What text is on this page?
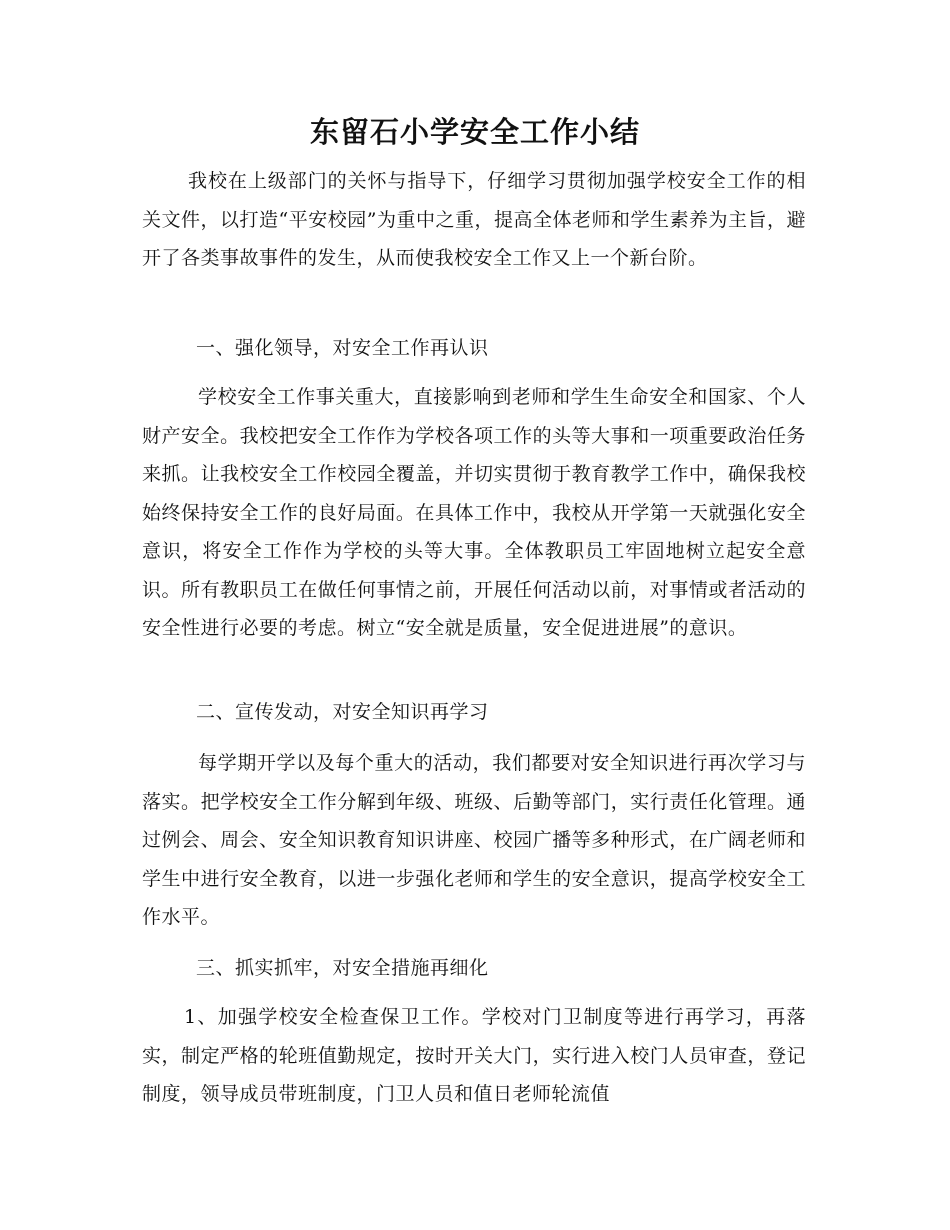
东留石小学安全工作小结

我校在上级部门的关怀与指导下，仔细学习贯彻加强学校安全工作的相关文件，以打造“平安校园”为重中之重，提高全体老师和学生素养为主旨，避开了各类事故事件的发生，从而使我校安全工作又上一个新台阶。

一、强化领导，对安全工作再认识

学校安全工作事关重大，直接影响到老师和学生生命安全和国家、个人财产安全。我校把安全工作作为学校各项工作的头等大事和一项重要政治任务来抓。让我校安全工作校园全覆盖，并切实贯彻于教育教学工作中，确保我校始终保持安全工作的良好局面。在具体工作中，我校从开学第一天就强化安全意识，将安全工作作为学校的头等大事。全体教职员工牢固地树立起安全意识。所有教职员工在做任何事情之前，开展任何活动以前，对事情或者活动的安全性进行必要的考虑。树立“安全就是质量，安全促进进展”的意识。

二、宣传发动，对安全知识再学习

每学期开学以及每个重大的活动，我们都要对安全知识进行再次学习与落实。把学校安全工作分解到年级、班级、后勤等部门，实行责任化管理。通过例会、周会、安全知识教育知识讲座、校园广播等多种形式，在广阔老师和学生中进行安全教育，以进一步强化老师和学生的安全意识，提高学校安全工作水平。

三、抓实抓牢，对安全措施再细化

1、加强学校安全检查保卫工作。学校对门卫制度等进行再学习，再落实，制定严格的轮班值勤规定，按时开关大门，实行进入校门人员审查，登记制度，领导成员带班制度，门卫人员和值日老师轮流值
